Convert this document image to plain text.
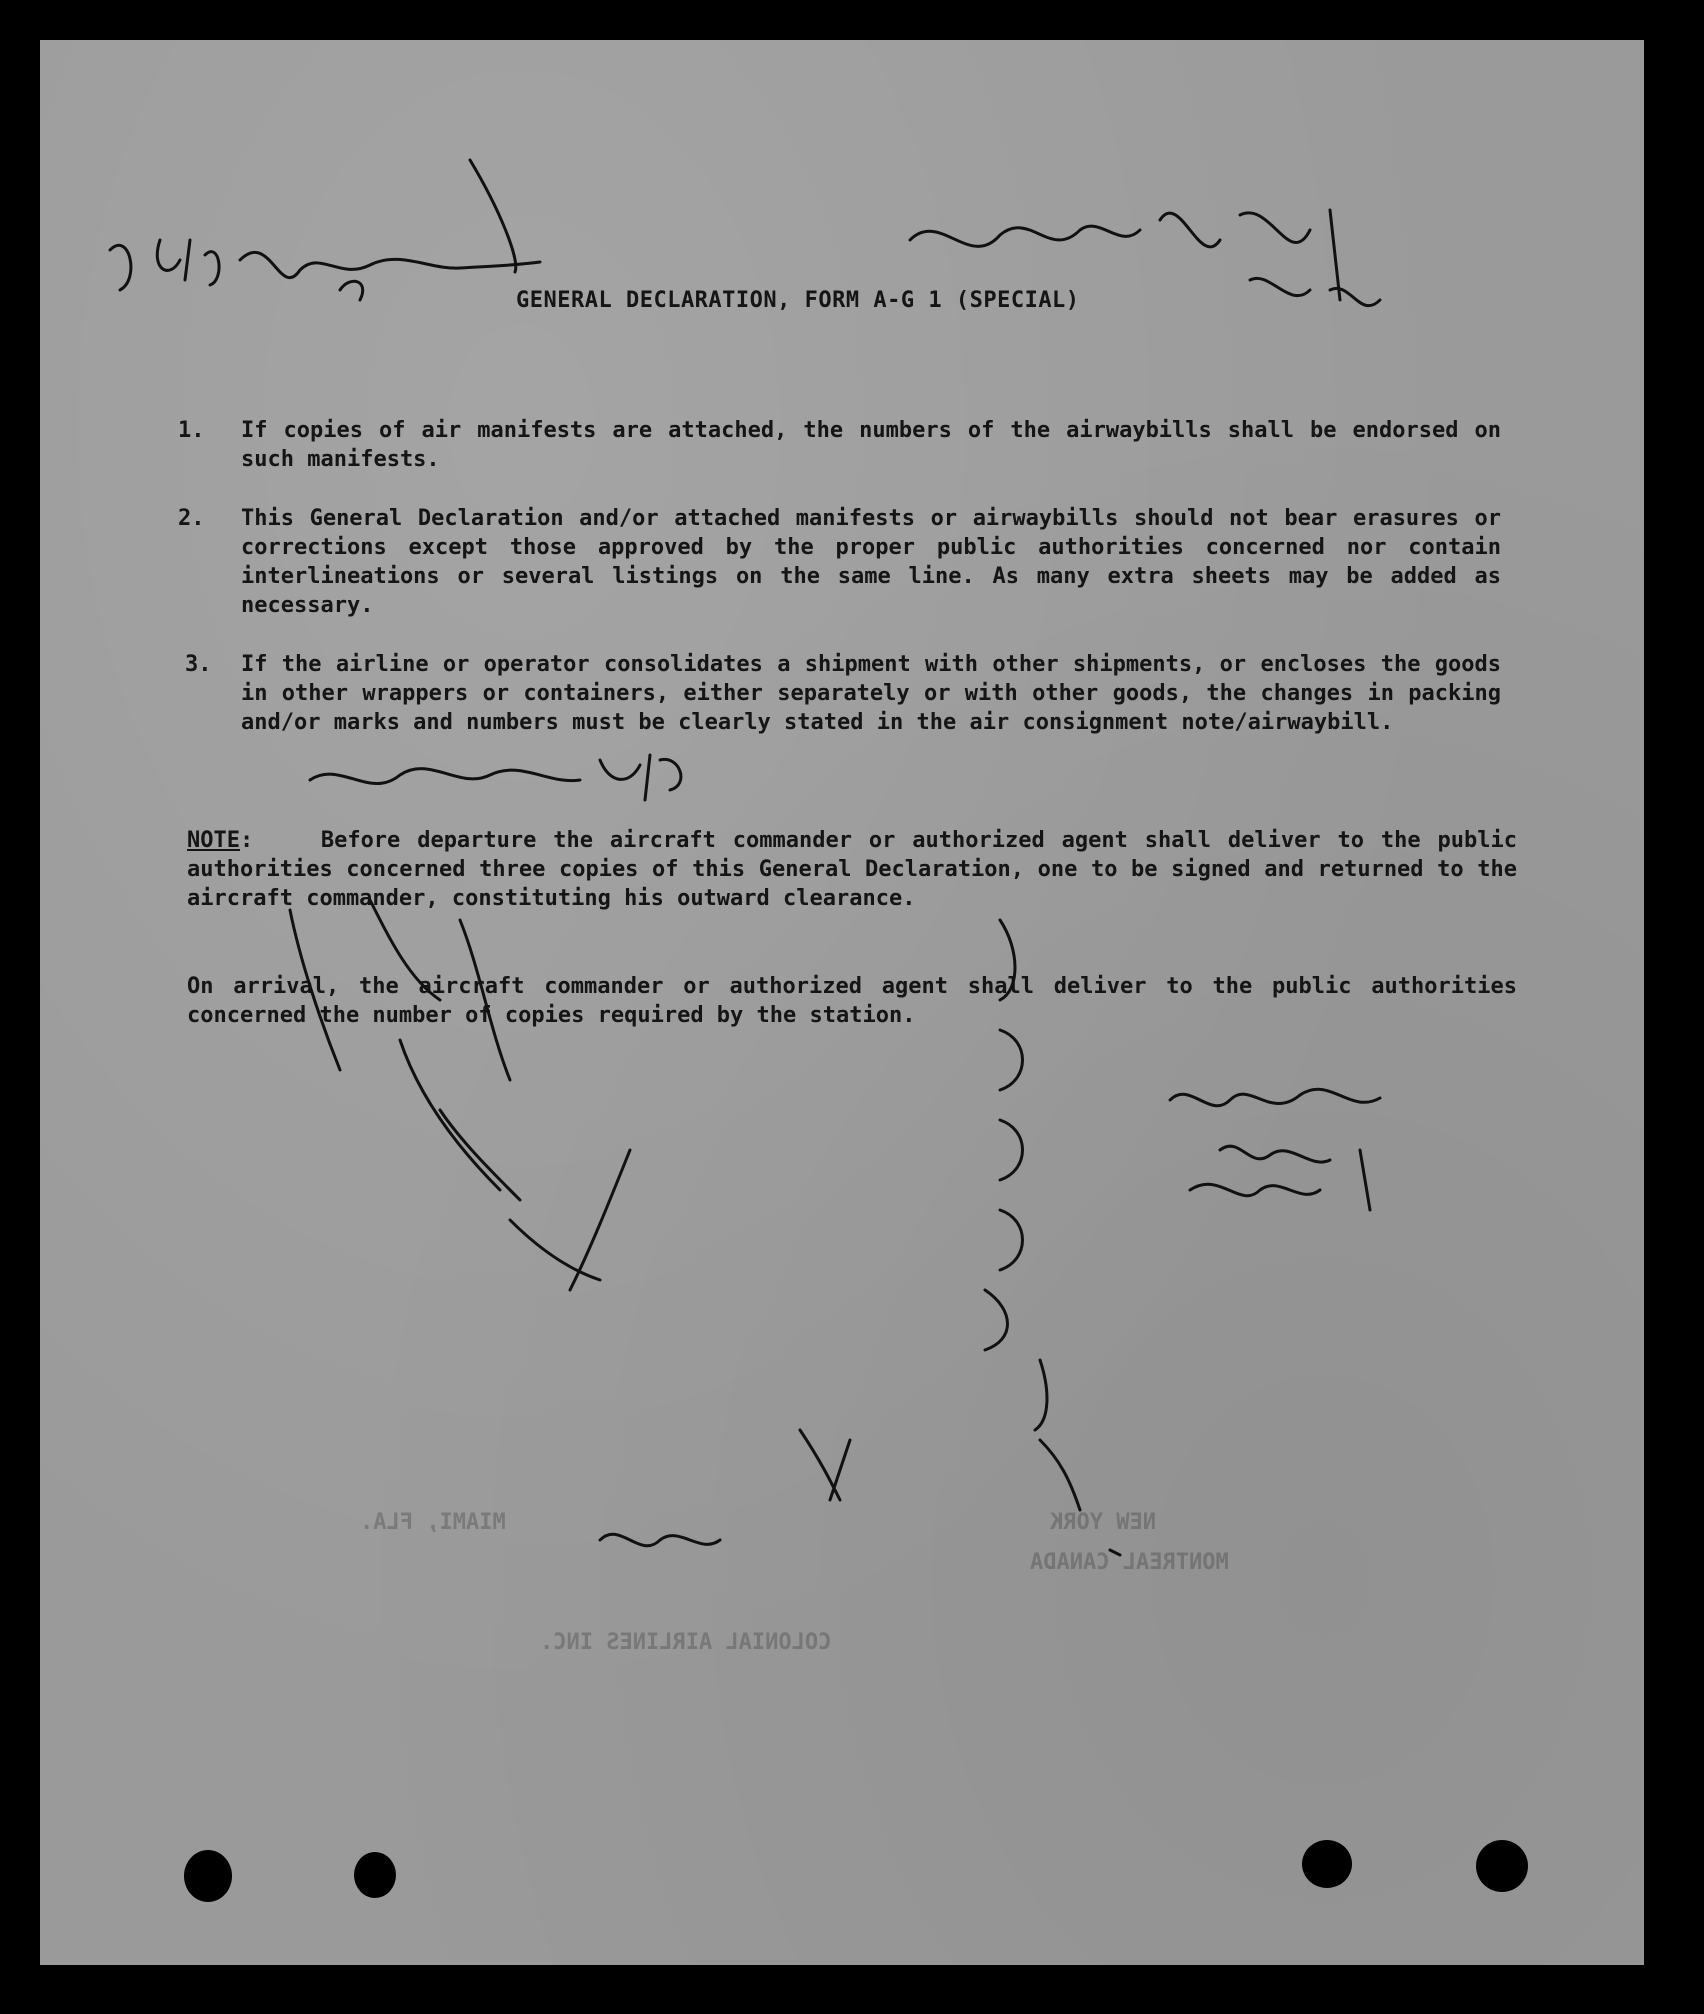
MIAMI, FLA.	NEW YORK
MONTREAL CANADA
COLONIAL AIRLINES INC.
GENERAL DECLARATION, FORM A-G 1 (SPECIAL)
1. If copies of air manifests are attached, the numbers of the airwaybills shall be endorsed on such manifests.
2. This General Declaration and/or attached manifests or airwaybills should not bear erasures or corrections except those approved by the proper public authorities concerned nor contain interlineations or several listings on the same line. As many extra sheets may be added as necessary.
3. If the airline or operator consolidates a shipment with other shipments, or encloses the goods in other wrappers or containers, either separately or with other goods, the changes in packing and/or marks and numbers must be clearly stated in the air consignment note/airwaybill.
NOTE:    Before departure the aircraft commander or authorized agent shall deliver to the public authorities concerned three copies of this General Declaration, one to be signed and returned to the aircraft commander, constituting his outward clearance.
On arrival, the aircraft commander or authorized agent shall deliver to the public authorities concerned the number of copies required by the station.
